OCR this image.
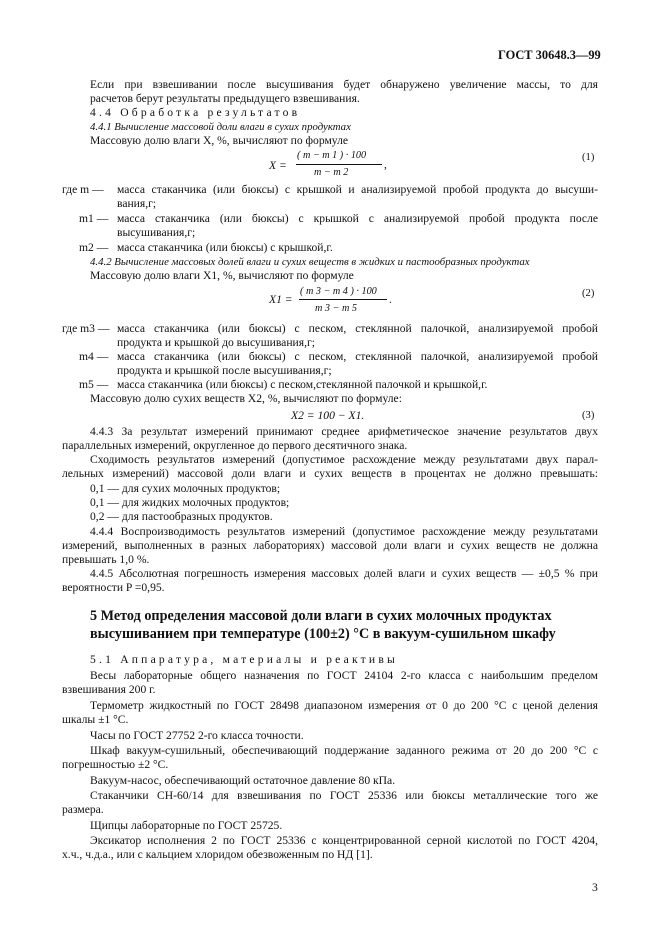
ГОСТ 30648.3—99
Если при взвешивании после высушивания будет обнаружено увеличение массы, то для
расчетов берут результаты предыдущего взвешивания.
4.4 Обработка результатов
4.4.1 Вычисление массовой доли влаги в сухих продуктах
Массовую долю влаги X, %, вычисляют по формуле
X =
( m − m 1 ) · 100
m − m 2
,
(1)
где m — масса стаканчика (или бюксы) с крышкой и анализируемой пробой продукта до высуши-
вания,г;
m1 — масса стаканчика (или бюксы) с крышкой с анализируемой пробой продукта после
высушивания,г;
m2 — масса стаканчика (или бюксы) с крышкой,г.
4.4.2 Вычисление массовых долей влаги и сухих веществ в жидких и пастообразных продуктах
Массовую долю влаги X1, %, вычисляют по формуле
X1 =
( m 3 − m 4 ) · 100
m 3 − m 5
.	(2)
где m3 — масса стаканчика (или бюксы) с песком, стеклянной палочкой, анализируемой пробой
продукта и крышкой до высушивания,г;
m4 — масса стаканчика (или бюксы) с песком, стеклянной палочкой, анализируемой пробой
продукта и крышкой после высушивания,г;
m5 — масса стаканчика (или бюксы) с песком,стеклянной палочкой и крышкой,г.
Массовую долю сухих веществ X2, %, вычисляют по формуле:
X2 = 100 − X1.	(3)
4.4.3 За результат измерений принимают среднее арифметическое значение результатов двух
параллельных измерений, округленное до первого десятичного знака.
Сходимость результатов измерений (допустимое расхождение между результатами двух парал-
лельных измерений) массовой доли влаги и сухих веществ в процентах не должно превышать:
0,1 — для сухих молочных продуктов;
0,1 — для жидких молочных продуктов;
0,2 — для пастообразных продуктов.
4.4.4 Воспроизводимость результатов измерений (допустимое расхождение между результатами
измерений, выполненных в разных лабораториях) массовой доли влаги и сухих веществ не должна
превышать 1,0 %.
4.4.5 Абсолютная погрешность измерения массовых долей влаги и сухих веществ — ±0,5 % при
вероятности P =0,95.
5 Метод определения массовой доли влаги в сухих молочных продуктах
высушиванием при температуре (100±2) °С в вакуум-сушильном шкафу
5.1 Аппаратура, материалы и реактивы
Весы лабораторные общего назначения по ГОСТ 24104 2-го класса с наибольшим пределом
взвешивания 200 г.
Термометр жидкостный по ГОСТ 28498 диапазоном измерения от 0 до 200 °С с ценой деления
шкалы ±1 °С.
Часы по ГОСТ 27752 2-го класса точности.
Шкаф вакуум-сушильный, обеспечивающий поддержание заданного режима от 20 до 200 °С с
погрешностью ±2 °С.
Вакуум-насос, обеспечивающий остаточное давление 80 кПа.
Стаканчики СН-60/14 для взвешивания по ГОСТ 25336 или бюксы металлические того же
размера.
Щипцы лабораторные по ГОСТ 25725.
Эксикатор исполнения 2 по ГОСТ 25336 с концентрированной серной кислотой по ГОСТ 4204,
х.ч., ч.д.а., или с кальцием хлоридом обезвоженным по НД [1].
3
